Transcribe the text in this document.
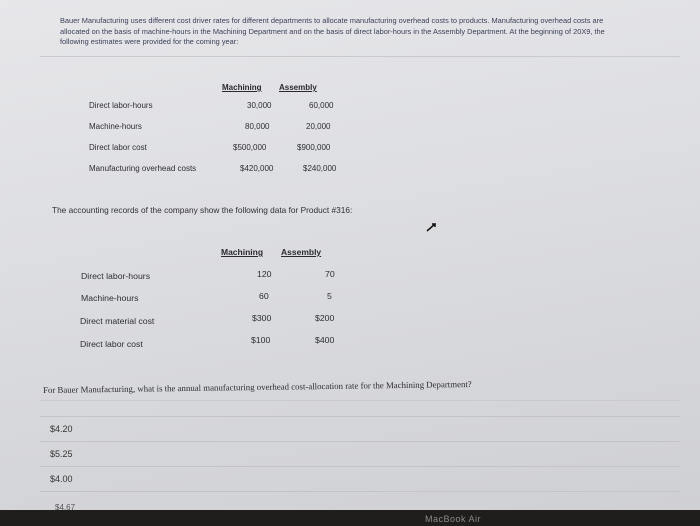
Bauer Manufacturing uses different cost driver rates for different departments to allocate manufacturing overhead costs to products. Manufacturing overhead costs are allocated on the basis of machine-hours in the Machining Department and on the basis of direct labor-hours in the Assembly Department. At the beginning of 20X9, the following estimates were provided for the coming year:
Machining Assembly
Direct labor-hours	30,000	60,000
Machine-hours	80,000	20,000
Direct labor cost	$500,000	$900,000
Manufacturing overhead costs	$420,000	$240,000
The accounting records of the company show the following data for Product #316:
Machining Assembly
Direct labor-hours	120	70
Machine-hours	60	5
Direct material cost	$300	$200
Direct labor cost	$100	$400
For Bauer Manufacturing, what is the annual manufacturing overhead cost-allocation rate for the Machining Department?
$4.20
$5.25
$4.00
$4.67
MacBook Air
